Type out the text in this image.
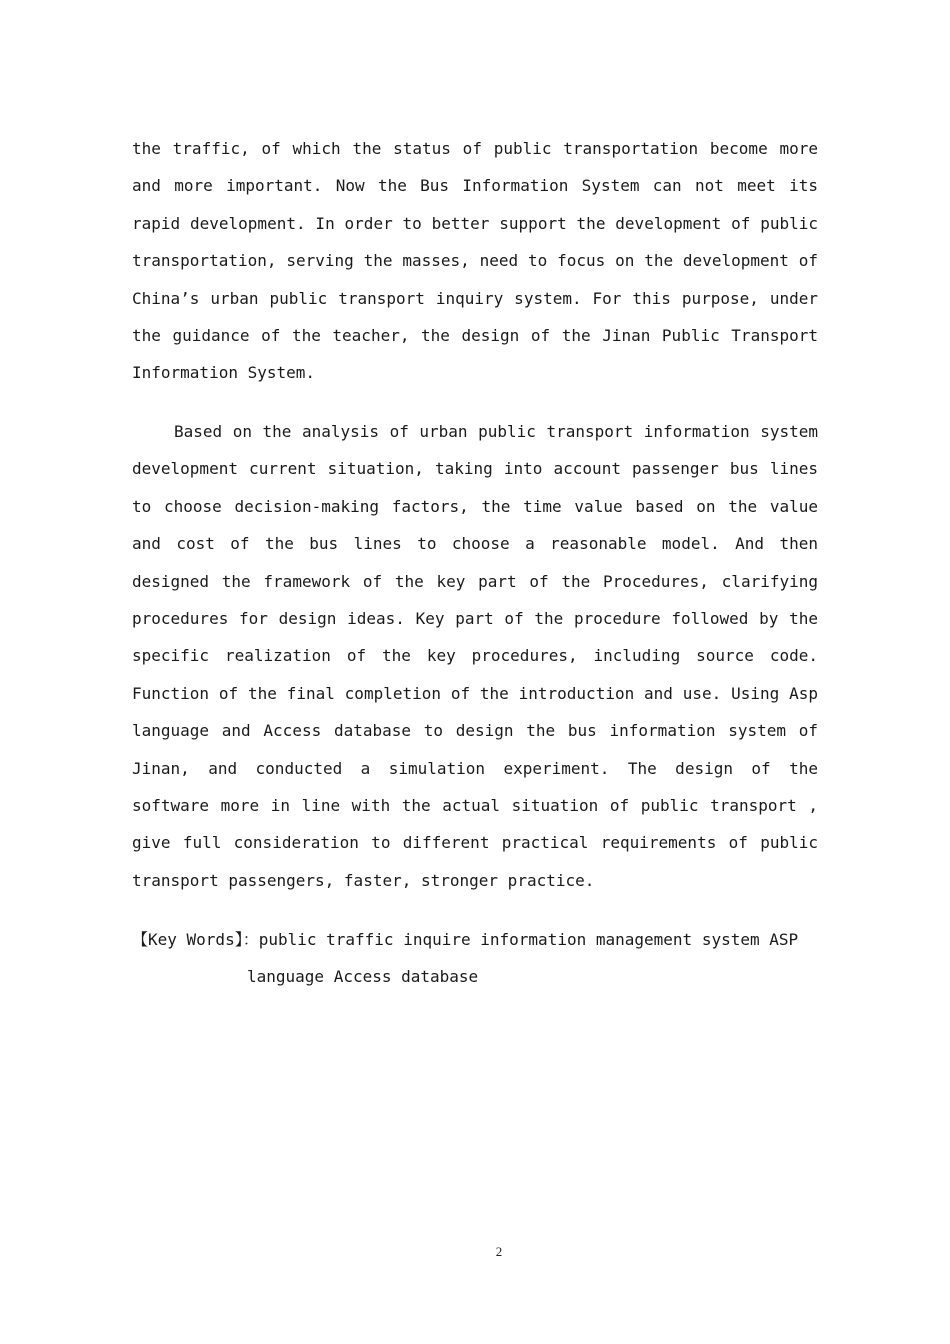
the traffic, of which the status of public transportation become more and more important. Now the Bus Information System can not meet its rapid development. In order to better support the development of public transportation, serving the masses, need to focus on the development of China’s urban public transport inquiry system. For this purpose, under the guidance of the teacher, the design of the Jinan Public Transport Information System.

Based on the analysis of urban public transport information system development current situation, taking into account passenger bus lines to choose decision-making factors, the time value based on the value and cost of the bus lines to choose a reasonable model. And then designed the framework of the key part of the Procedures, clarifying procedures for design ideas. Key part of the procedure followed by the specific realization of the key procedures, including source code. Function of the final completion of the introduction and use. Using Asp language and Access database to design the bus information system of Jinan, and conducted a simulation experiment. The design of the software more in line with the actual situation of public transport , give full consideration to different practical requirements of public transport passengers, faster, stronger practice.

【Key Words】：public traffic inquire information management system ASP
language Access database
2
